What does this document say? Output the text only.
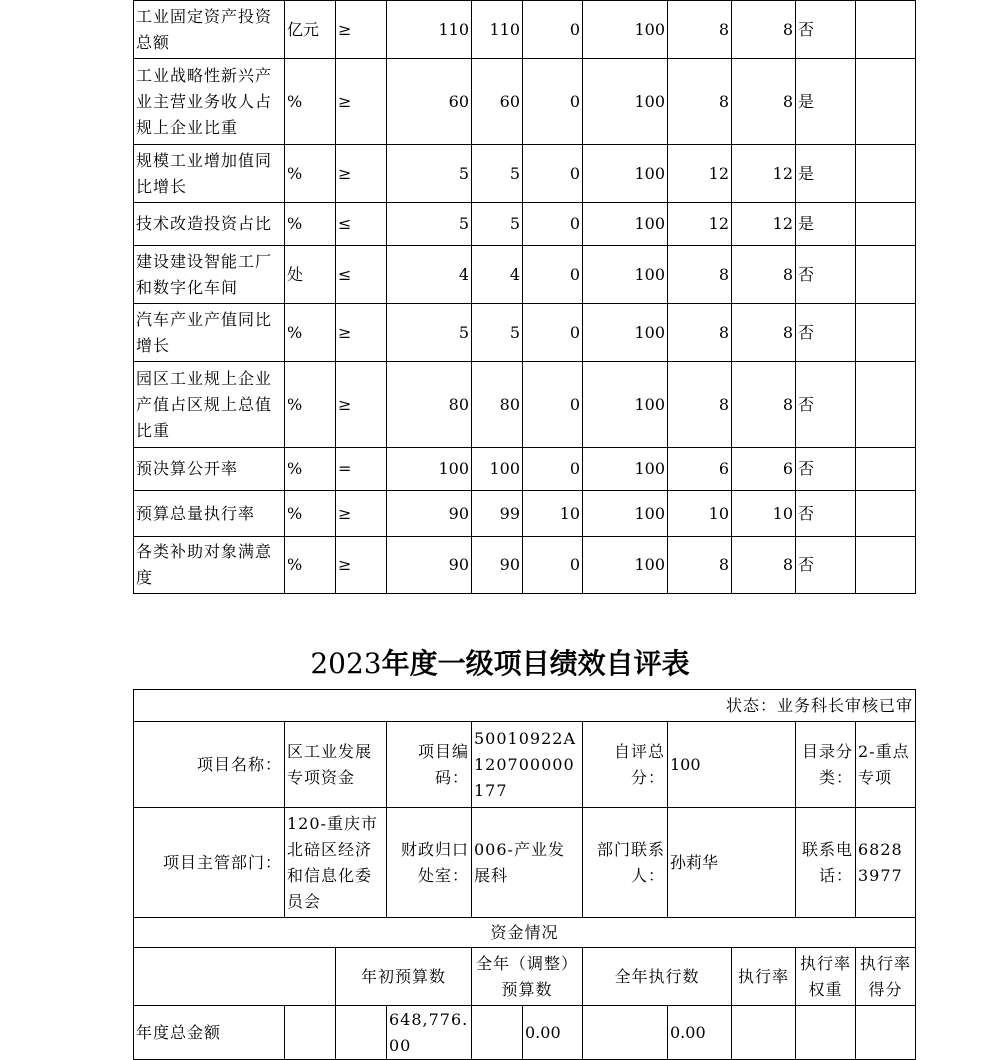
工业固定资产投资总额	亿元	≥	110	110	0	100	8	8	否	
工业战略性新兴产业主营业务收人占规上企业比重	%	≥	60	60	0	100	8	8	是	
规模工业增加值同比增长	%	≥	5	5	0	100	12	12	是	
技术改造投资占比	%	≤	5	5	0	100	12	12	是	
建设建设智能工厂和数字化车间	处	≤	4	4	0	100	8	8	否	
汽车产业产值同比增长	%	≥	5	5	0	100	8	8	否	
园区工业规上企业产值占区规上总值比重	%	≥	80	80	0	100	8	8	否	
预决算公开率	%	=	100	100	0	100	6	6	否	
预算总量执行率	%	≥	90	99	10	100	10	10	否	
各类补助对象满意度	%	≥	90	90	0	100	8	8	否	
2023年度一级项目绩效自评表
状态：业务科长审核已审										
项目名称：	区工业发展专项资金		项目编码：	50010922A120700000177		自评总分：	100		目录分类：	2-重点专项
项目主管部门：	120-重庆市北碚区经济和信息化委员会		财政归口处室：	006-产业发展科		部门联系人：	孙莉华		联系电话：	68283977
资金情况										
		年初预算数		全年（调整）预算数		全年执行数		执行率	执行率权重	执行率得分
年度总金额			648,776.00		0.00		0.00			
